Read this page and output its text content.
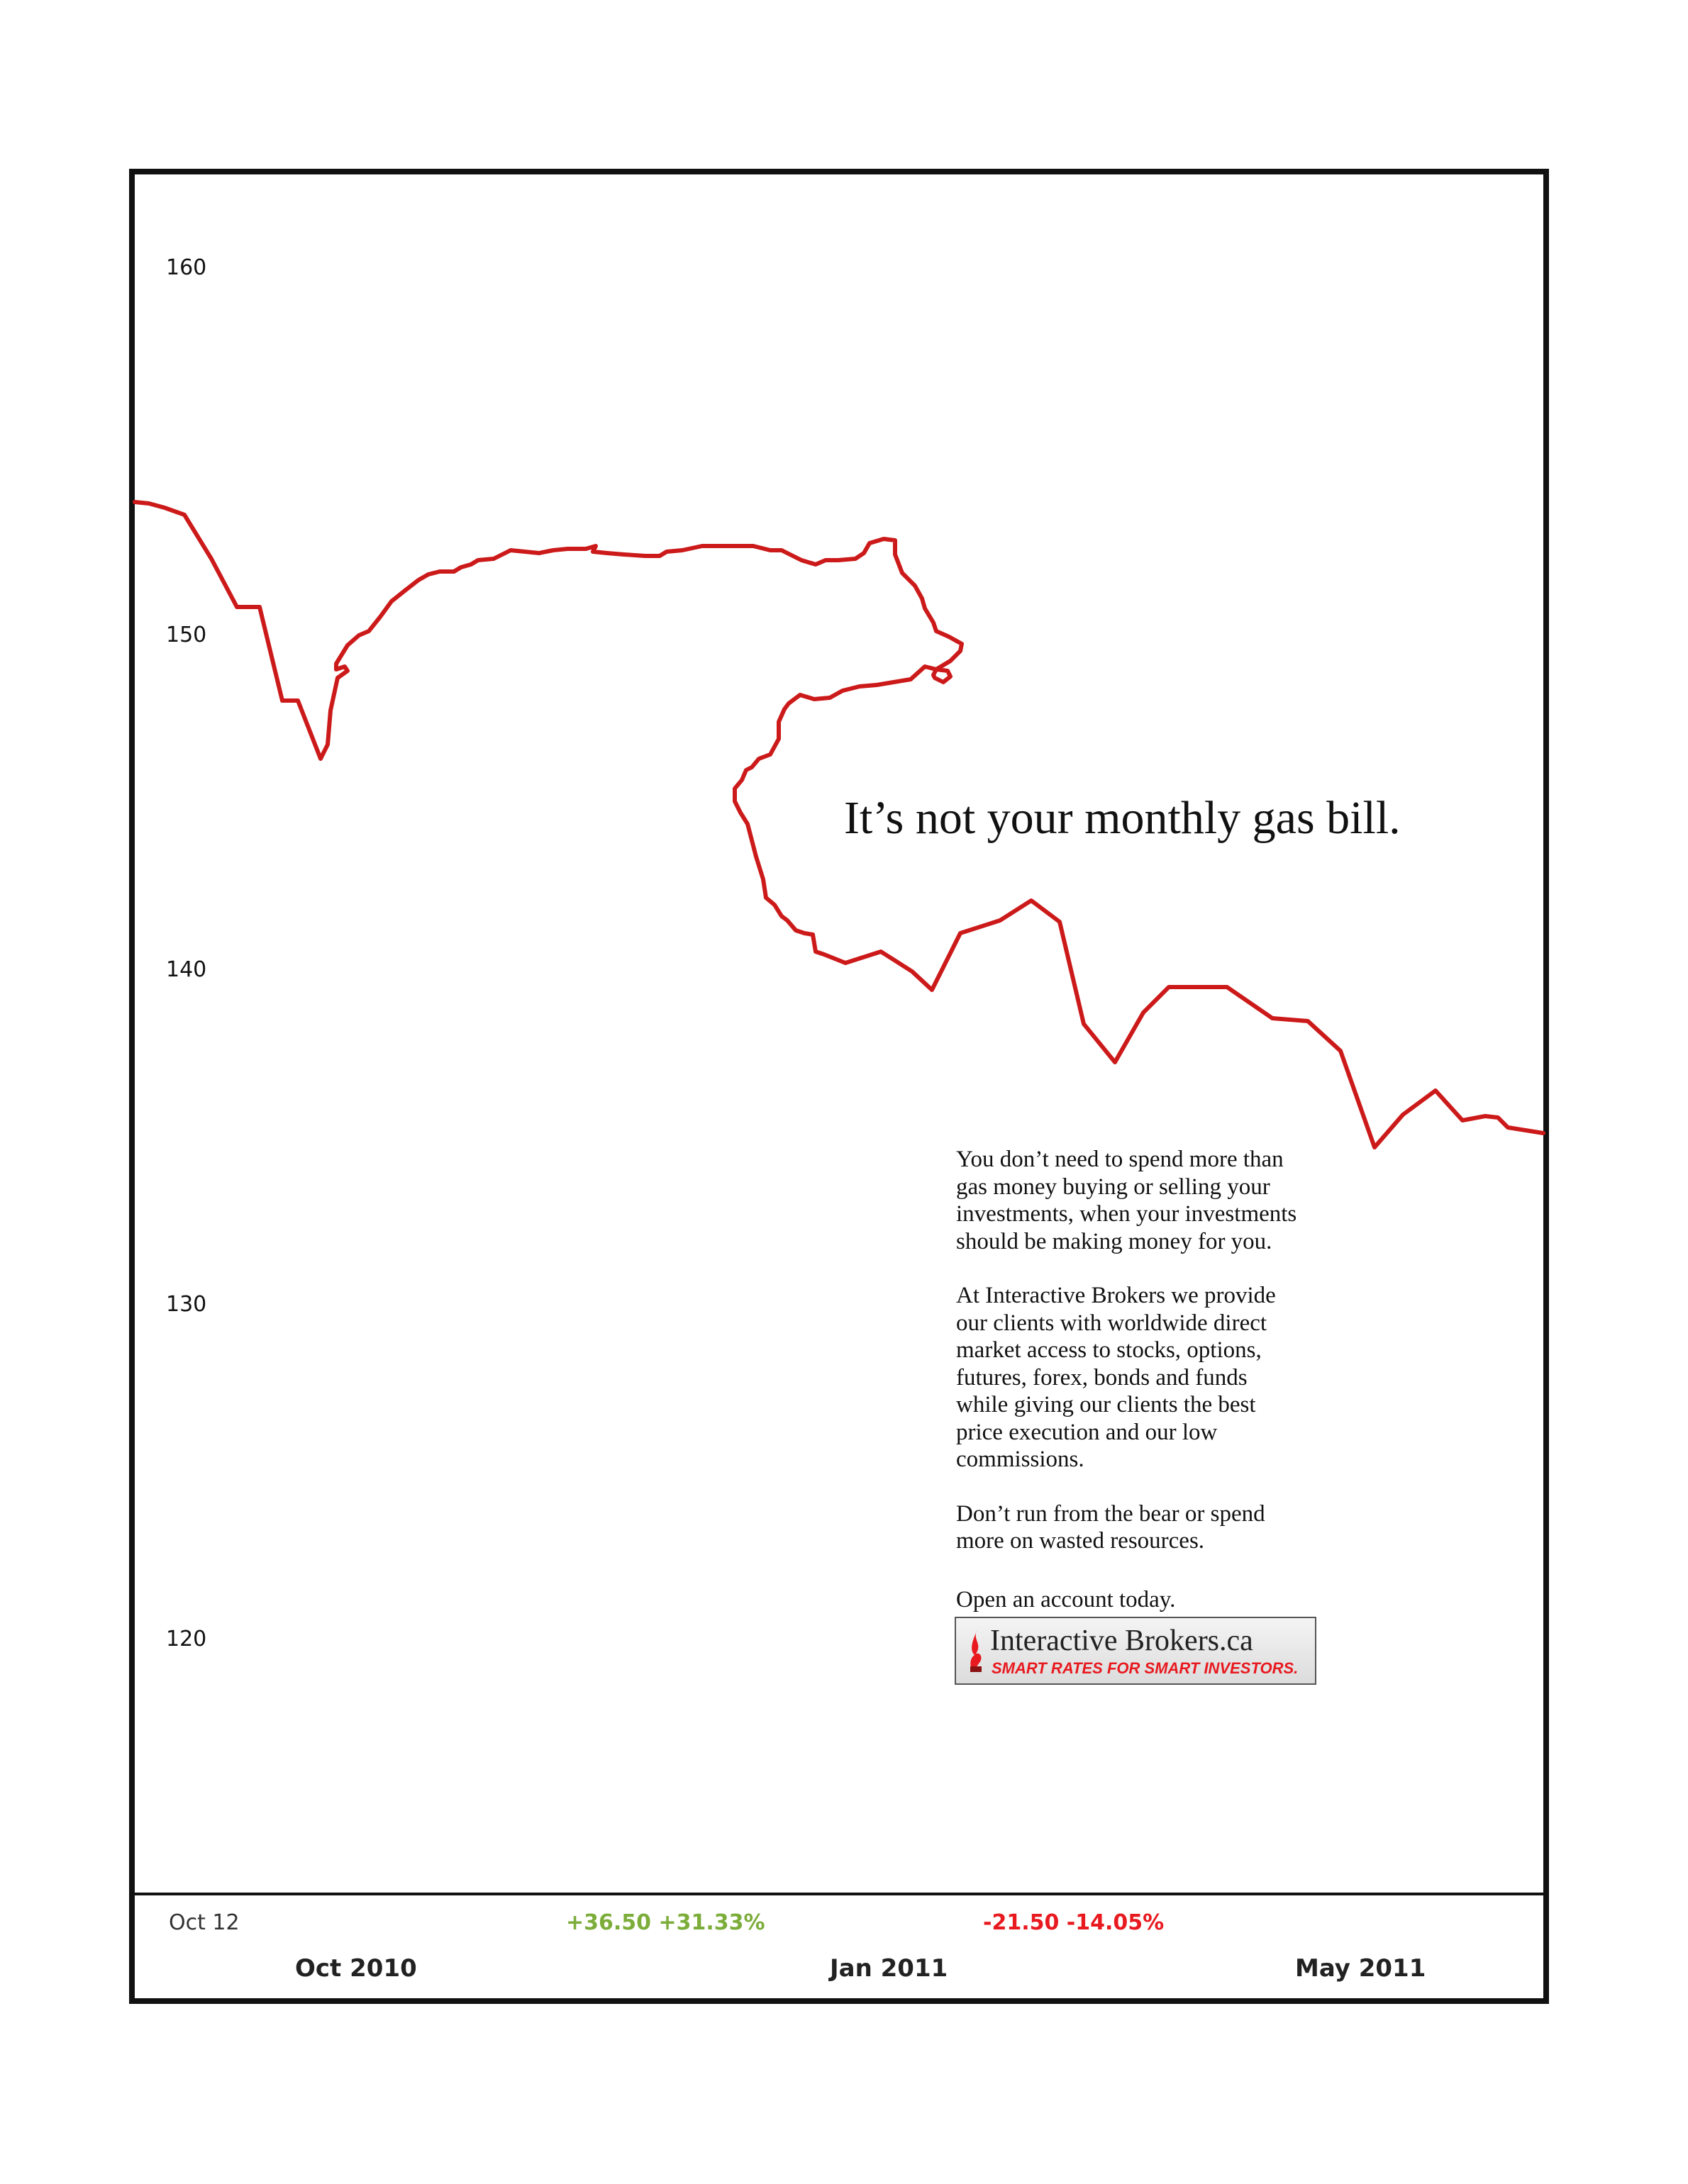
160
150
140
130
120
It’s not your monthly gas bill.

You don’t need to spend more than
gas money buying or selling your
investments, when your investments
should be making money for you.

At Interactive Brokers we provide
our clients with worldwide direct
market access to stocks, options,
futures, forex, bonds and funds
while giving our clients the best
price execution and our low
commissions.

Don’t run from the bear or spend
more on wasted resources.

Open an account today.
Interactive Brokers.ca
SMART RATES FOR SMART INVESTORS.
Oct 12	+36.50 +31.33%	-21.50 -14.05%
Oct 2010	Jan 2011	May 2011
